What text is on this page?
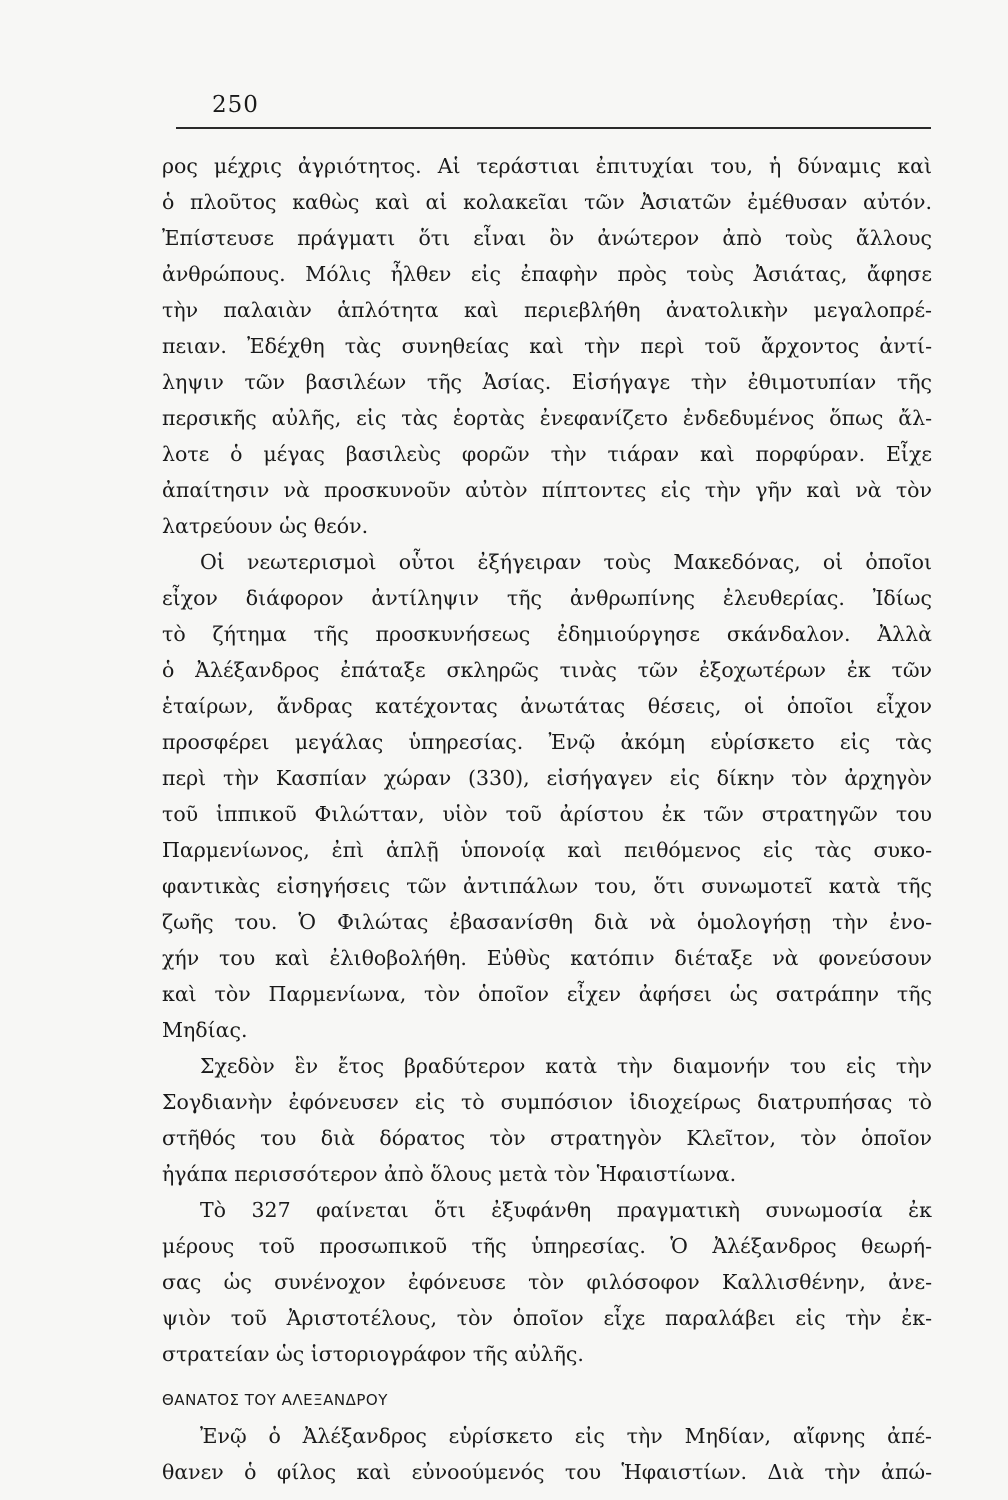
250
ρος μέχρις ἀγριότητος. Αἱ τεράστιαι ἐπιτυχίαι του, ἡ δύναμις καὶ
ὁ πλοῦτος καθὼς καὶ αἱ κολακεῖαι τῶν Ἀσιατῶν ἐμέθυσαν αὐτόν.
Ἐπίστευσε πράγματι ὅτι εἶναι ὂν ἀνώτερον ἀπὸ τοὺς ἄλλους
ἀνθρώπους. Μόλις ἦλθεν εἰς ἐπαφὴν πρὸς τοὺς Ἀσιάτας, ἄφησε
τὴν παλαιὰν ἁπλότητα καὶ περιεβλήθη ἀνατολικὴν μεγαλοπρέ-
πειαν. Ἐδέχθη τὰς συνηθείας καὶ τὴν περὶ τοῦ ἄρχοντος ἀντί-
ληψιν τῶν βασιλέων τῆς Ἀσίας. Εἰσήγαγε τὴν ἐθιμοτυπίαν τῆς
περσικῆς αὐλῆς, εἰς τὰς ἑορτὰς ἐνεφανίζετο ἐνδεδυμένος ὅπως ἄλ-
λοτε ὁ μέγας βασιλεὺς φορῶν τὴν τιάραν καὶ πορφύραν. Εἶχε
ἀπαίτησιν νὰ προσκυνοῦν αὐτὸν πίπτοντες εἰς τὴν γῆν καὶ νὰ τὸν
λατρεύουν ὡς θεόν.
Οἱ νεωτερισμοὶ οὗτοι ἐξήγειραν τοὺς Μακεδόνας, οἱ ὁποῖοι
εἶχον διάφορον ἀντίληψιν τῆς ἀνθρωπίνης ἐλευθερίας. Ἰδίως
τὸ ζήτημα τῆς προσκυνήσεως ἐδημιούργησε σκάνδαλον. Ἀλλὰ
ὁ Ἀλέξανδρος ἐπάταξε σκληρῶς τινὰς τῶν ἐξοχωτέρων ἐκ τῶν
ἑταίρων, ἄνδρας κατέχοντας ἀνωτάτας θέσεις, οἱ ὁποῖοι εἶχον
προσφέρει μεγάλας ὑπηρεσίας. Ἐνῷ ἀκόμη εὑρίσκετο εἰς τὰς
περὶ τὴν Κασπίαν χώραν (330), εἰσήγαγεν εἰς δίκην τὸν ἀρχηγὸν
τοῦ ἱππικοῦ Φιλώτταν, υἱὸν τοῦ ἀρίστου ἐκ τῶν στρατηγῶν του
Παρμενίωνος, ἐπὶ ἁπλῇ ὑπονοίᾳ καὶ πειθόμενος εἰς τὰς συκο-
φαντικὰς εἰσηγήσεις τῶν ἀντιπάλων του, ὅτι συνωμοτεῖ κατὰ τῆς
ζωῆς του. Ὁ Φιλώτας ἐβασανίσθη διὰ νὰ ὁμολογήσῃ τὴν ἐνο-
χήν του καὶ ἐλιθοβολήθη. Εὐθὺς κατόπιν διέταξε νὰ φονεύσουν
καὶ τὸν Παρμενίωνα, τὸν ὁποῖον εἶχεν ἀφήσει ὡς σατράπην τῆς
Μηδίας.
Σχεδὸν ἓν ἔτος βραδύτερον κατὰ τὴν διαμονήν του εἰς τὴν
Σογδιανὴν ἐφόνευσεν εἰς τὸ συμπόσιον ἰδιοχείρως διατρυπήσας τὸ
στῆθός του διὰ δόρατος τὸν στρατηγὸν Κλεῖτον, τὸν ὁποῖον
ἠγάπα περισσότερον ἀπὸ ὅλους μετὰ τὸν Ἡφαιστίωνα.
Τὸ 327 φαίνεται ὅτι ἐξυφάνθη πραγματικὴ συνωμοσία ἐκ
μέρους τοῦ προσωπικοῦ τῆς ὑπηρεσίας. Ὁ Ἀλέξανδρος θεωρή-
σας ὡς συνένοχον ἐφόνευσε τὸν φιλόσοφον Καλλισθένην, ἀνε-
ψιὸν τοῦ Ἀριστοτέλους, τὸν ὁποῖον εἶχε παραλάβει εἰς τὴν ἐκ-
στρατείαν ὡς ἱστοριογράφον τῆς αὐλῆς.
ΘΑΝΑΤΟΣ ΤΟΥ ΑΛΕΞΑΝΔΡΟΥ
Ἐνῷ ὁ Ἀλέξανδρος εὑρίσκετο εἰς τὴν Μηδίαν, αἴφνης ἀπέ-
θανεν ὁ φίλος καὶ εὐνοούμενός του Ἡφαιστίων. Διὰ τὴν ἀπώ-
